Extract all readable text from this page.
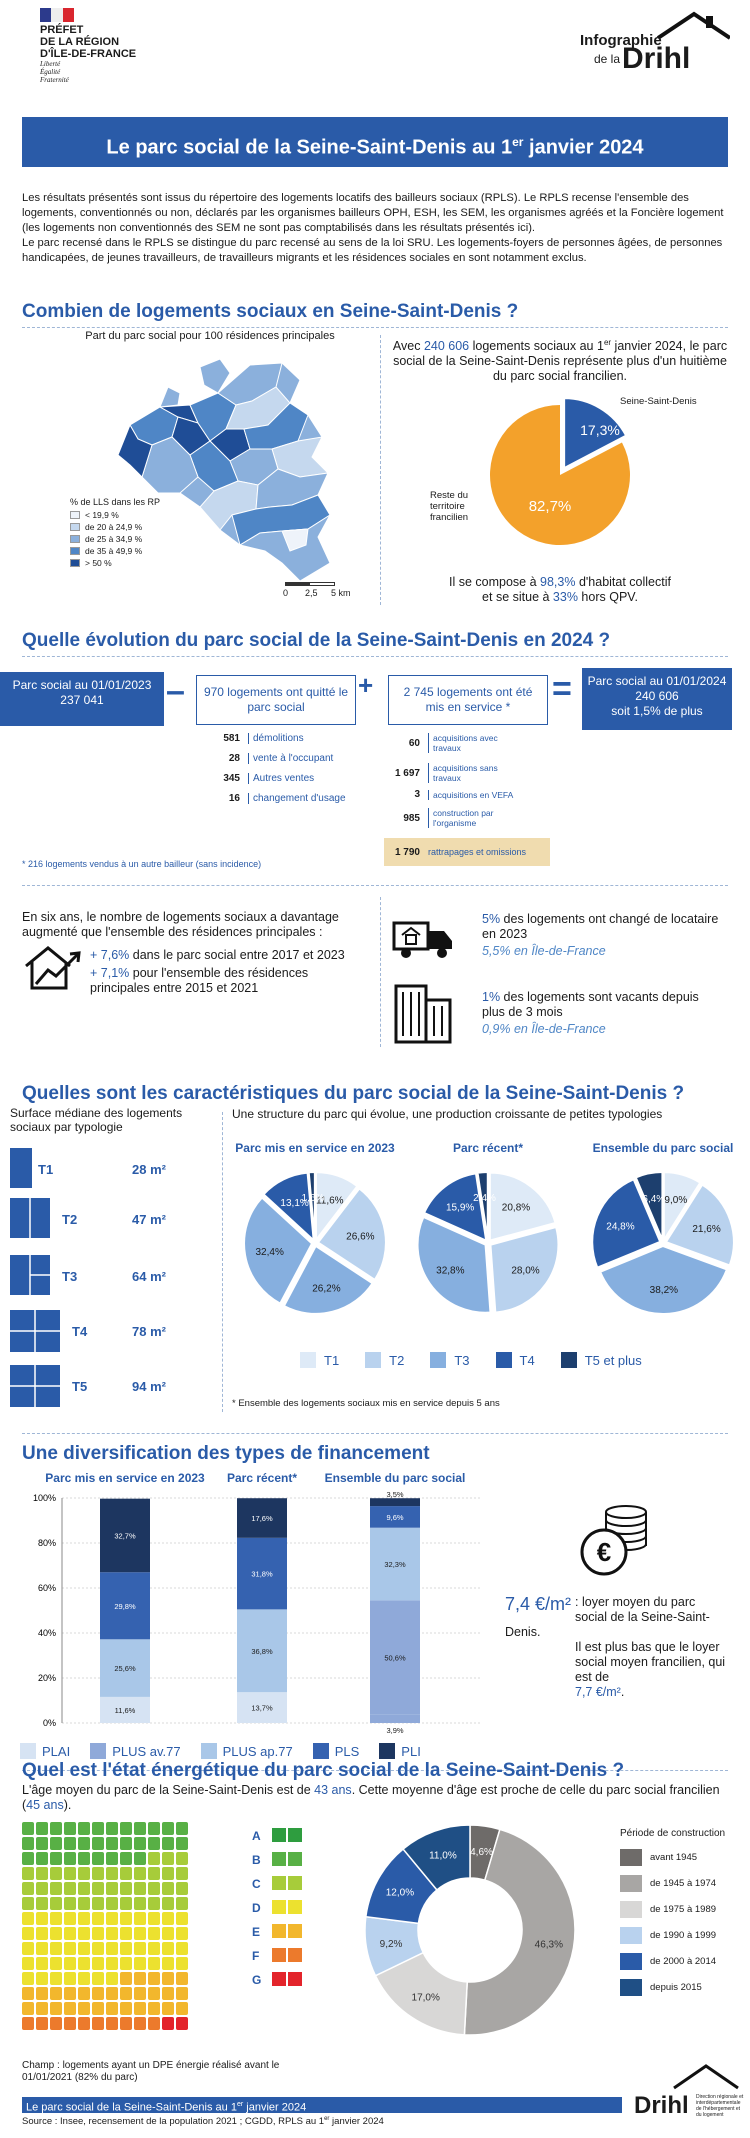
PRÉFET
DE LA RÉGION
D'ÎLE-DE-FRANCE
Liberté
Égalité
Fraternité
Infographie
de la Drihl
Le parc social de la Seine-Saint-Denis au 1er janvier 2024

Les résultats présentés sont issus du répertoire des logements locatifs des bailleurs sociaux (RPLS). Le RPLS recense l'ensemble des logements, conventionnés ou non, déclarés par les organismes bailleurs OPH, ESH, les SEM, les organismes agréés et la Foncière logement (les logements non conventionnés des SEM ne sont pas comptabilisés dans les résultats présentés ici).

Le parc recensé dans le RPLS se distingue du parc recensé au sens de la loi SRU. Les logements-foyers de personnes âgées, de personnes handicapées, de jeunes travailleurs, de travailleurs migrants et les résidences sociales en sont notamment exclus.

Combien de logements sociaux en Seine-Saint-Denis ?
Part du parc social pour 100 résidences principales
% de LLS dans les RP
< 19,9 %
de 20 à 24,9 %
de 25 à 34,9 %
de 35 à 49,9 %
> 50 %
0 2,5 5 km
Avec 240 606 logements sociaux au 1er janvier 2024, le parc social de la Seine-Saint-Denis représente plus d'un huitième du parc social francilien.
17,3%
82,7%
Seine-Saint-Denis
Reste du territoire francilien
Il se compose à 98,3% d'habitat collectif
et se situe à 33% hors QPV.
Quelle évolution du parc social de la Seine-Saint-Denis en 2024 ?
Parc social au 01/01/2023
237 041	–	970 logements ont quitté le parc social
+	2 745 logements ont été mis en service *	= Parc social au 01/01/2024
240 606
soit 1,5% de plus
581	démolitions
28	vente à l'occupant
345	Autres ventes
16	changement d'usage
60	acquisitions avec travaux
1 697	acquisitions sans travaux
3	acquisitions en VEFA
985	construction par l'organisme
1 790 rattrapages et omissions
* 216 logements vendus à un autre bailleur (sans incidence)
En six ans, le nombre de logements sociaux a davantage augmenté que l'ensemble des résidences principales :
+ 7,6% dans le parc social entre 2017 et 2023
+ 7,1% pour l'ensemble des résidences principales entre 2015 et 2021
5% des logements ont changé de locataire en 2023
5,5% en Île-de-France
1% des logements sont vacants depuis plus de 3 mois
0,9% en Île-de-France
Quelles sont les caractéristiques du parc social de la Seine-Saint-Denis ?
Surface médiane des logements sociaux par typologie
Une structure du parc qui évolue, une production croissante de petites typologies
Parc mis en service en 2023	Parc récent*	Ensemble du parc social
11,6%
26,6%
26,2%
32,4%
13,1%
1,6%
20,8%
28,0%
32,8%
15,9%
2,4%	9,0%
21,6%
38,2%
24,8%
6,4%
T1	T2	T3	T4	T5 et plus
* Ensemble des logements sociaux mis en service depuis 5 ans
Une diversification des types de financement
Parc mis en service en 2023 Parc récent* Ensemble du parc social
0%
20%
40%
60%
80%
100%
11,6%
25,6%
29,8%
32,7%
13,7%
36,8%
31,8%
17,6%
3,9%
50,6%
32,3%
9,6%
3,5%
PLAI	PLUS av.77	PLUS ap.77	PLS	PLI
€
7,4 €/m² : loyer moyen du parc social de la Seine-Saint-Denis.
Il est plus bas que le loyer social moyen francilien, qui est de
7,7 €/m².
Quel est l'état énergétique du parc social de la Seine-Saint-Denis ?
L'âge moyen du parc de la Seine-Saint-Denis est de 43 ans. Cette moyenne d'âge est proche de celle du parc social francilien (45 ans).
A
B
C
D
E
F
G
Champ : logements ayant un DPE énergie réalisé avant le 01/01/2021 (82% du parc)
4,6%
46,3%
17,0%
9,2%
12,0%
11,0%
Période de construction
avant 1945
de 1945 à 1974
de 1975 à 1989
de 1990 à 1999
de 2000 à 2014
depuis 2015
Le parc social de la Seine-Saint-Denis au 1er janvier 2024
Source : Insee, recensement de la population 2021 ; CGDD, RPLS au 1er janvier 2024
Drihl Direction régionale et interdépartementale de l'hébergement et du logement
T1	28 m²
T2	47 m²
T3	64 m²
T4	78 m²
T5	94 m²
